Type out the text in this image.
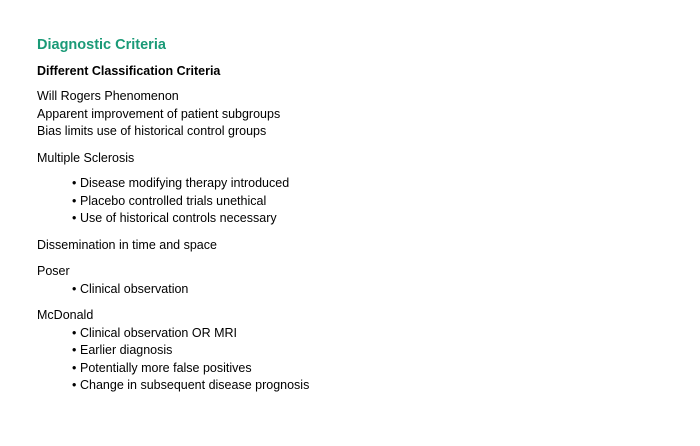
Diagnostic Criteria
Different Classification Criteria
Will Rogers Phenomenon
Apparent improvement of patient subgroups
Bias limits use of historical control groups
Multiple Sclerosis
• Disease modifying therapy introduced
• Placebo controlled trials unethical
• Use of historical controls necessary
Dissemination in time and space
Poser
• Clinical observation
McDonald
• Clinical observation OR MRI
• Earlier diagnosis
• Potentially more false positives
• Change in subsequent disease prognosis
